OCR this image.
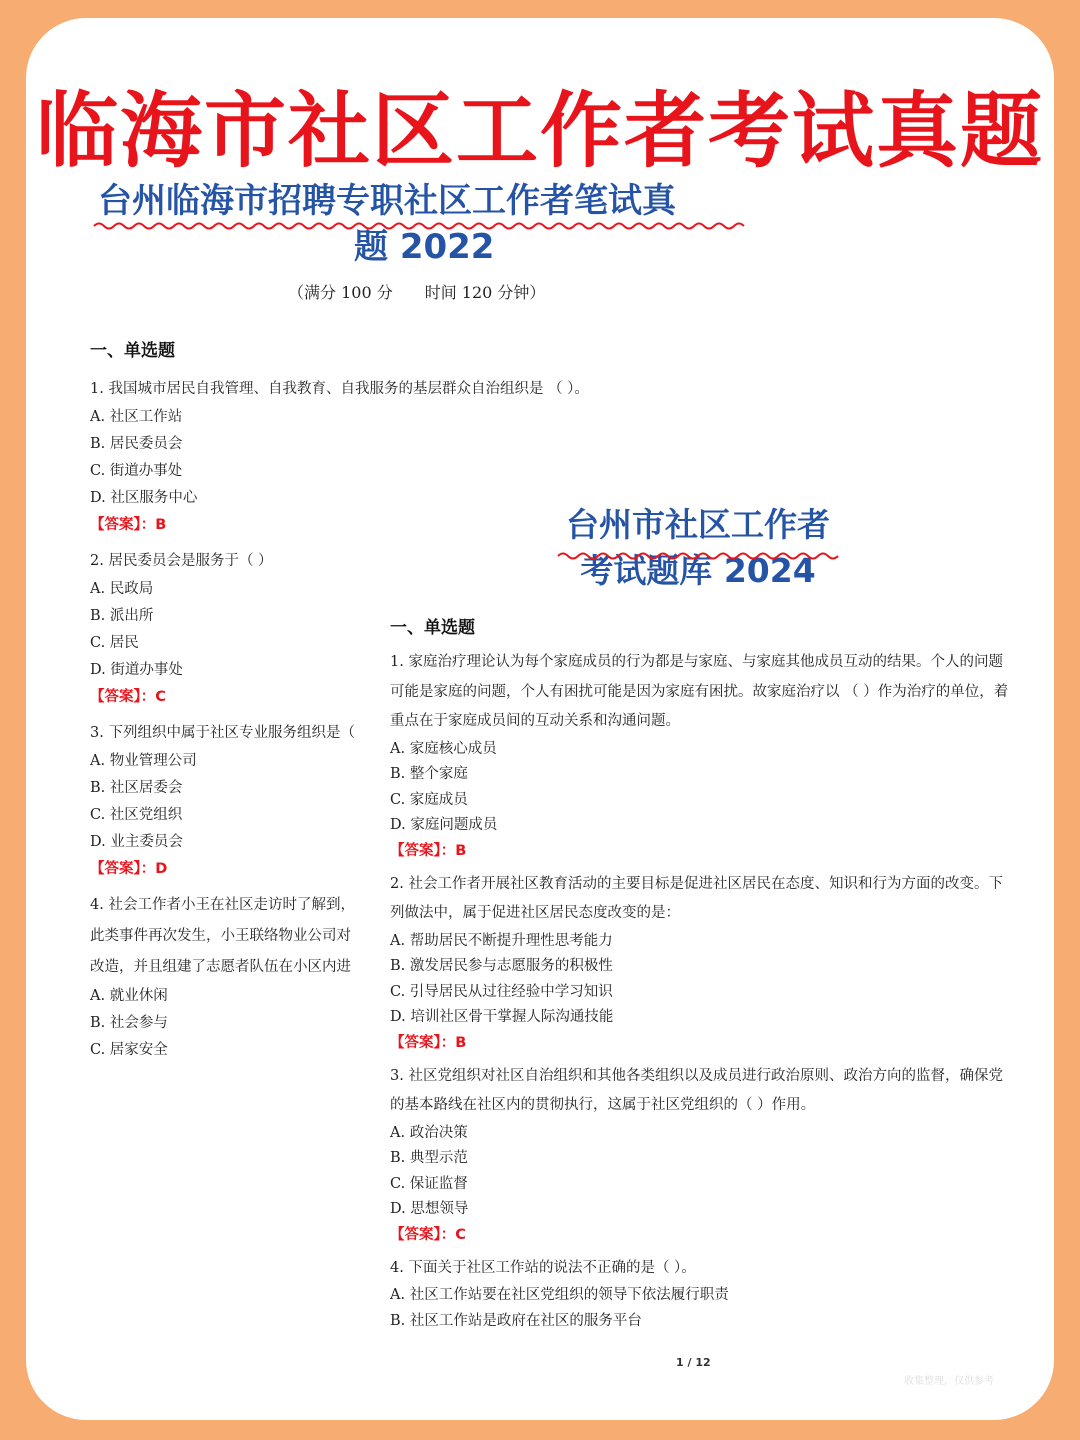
临海市社区工作者考试真题
台州临海市招聘专职社区工作者笔试真
题 2022
（满分 100 分 时间 120 分钟）
一、单选题

1. 我国城市居民自我管理、自我教育、自我服务的基层群众自治组织是 （ ）。

A. 社区工作站

B. 居民委员会

C. 街道办事处

D. 社区服务中心

【答案】：B

2. 居民委员会是服务于（ ）

A. 民政局

B. 派出所

C. 居民

D. 街道办事处

【答案】：C

3. 下列组织中属于社区专业服务组织是（

A. 物业管理公司

B. 社区居委会

C. 社区党组织

D. 业主委员会

【答案】：D

4. 社会工作者小王在社区走访时了解到，
此类事件再次发生，小王联络物业公司对
改造，并且组建了志愿者队伍在小区内进

A. 就业休闲

B. 社会参与

C. 居家安全

台州市社区工作者
考试题库 2024
一、单选题

1. 家庭治疗理论认为每个家庭成员的行为都是与家庭、与家庭其他成员互动的结果。个人的问题可能是家庭的问题，个人有困扰可能是因为家庭有困扰。故家庭治疗以 （ ）作为治疗的单位，着重点在于家庭成员间的互动关系和沟通问题。

A. 家庭核心成员

B. 整个家庭

C. 家庭成员

D. 家庭问题成员

【答案】：B

2. 社会工作者开展社区教育活动的主要目标是促进社区居民在态度、知识和行为方面的改变。下列做法中，属于促进社区居民态度改变的是：

A. 帮助居民不断提升理性思考能力

B. 激发居民参与志愿服务的积极性

C. 引导居民从过往经验中学习知识

D. 培训社区骨干掌握人际沟通技能

【答案】：B

3. 社区党组织对社区自治组织和其他各类组织以及成员进行政治原则、政治方向的监督，确保党的基本路线在社区内的贯彻执行，这属于社区党组织的（ ）作用。

A. 政治决策

B. 典型示范

C. 保证监督

D. 思想领导

【答案】：C

4. 下面关于社区工作站的说法不正确的是（ ）。

A. 社区工作站要在社区党组织的领导下依法履行职责

B. 社区工作站是政府在社区的服务平台

1 / 12
收集整理，仅供参考
